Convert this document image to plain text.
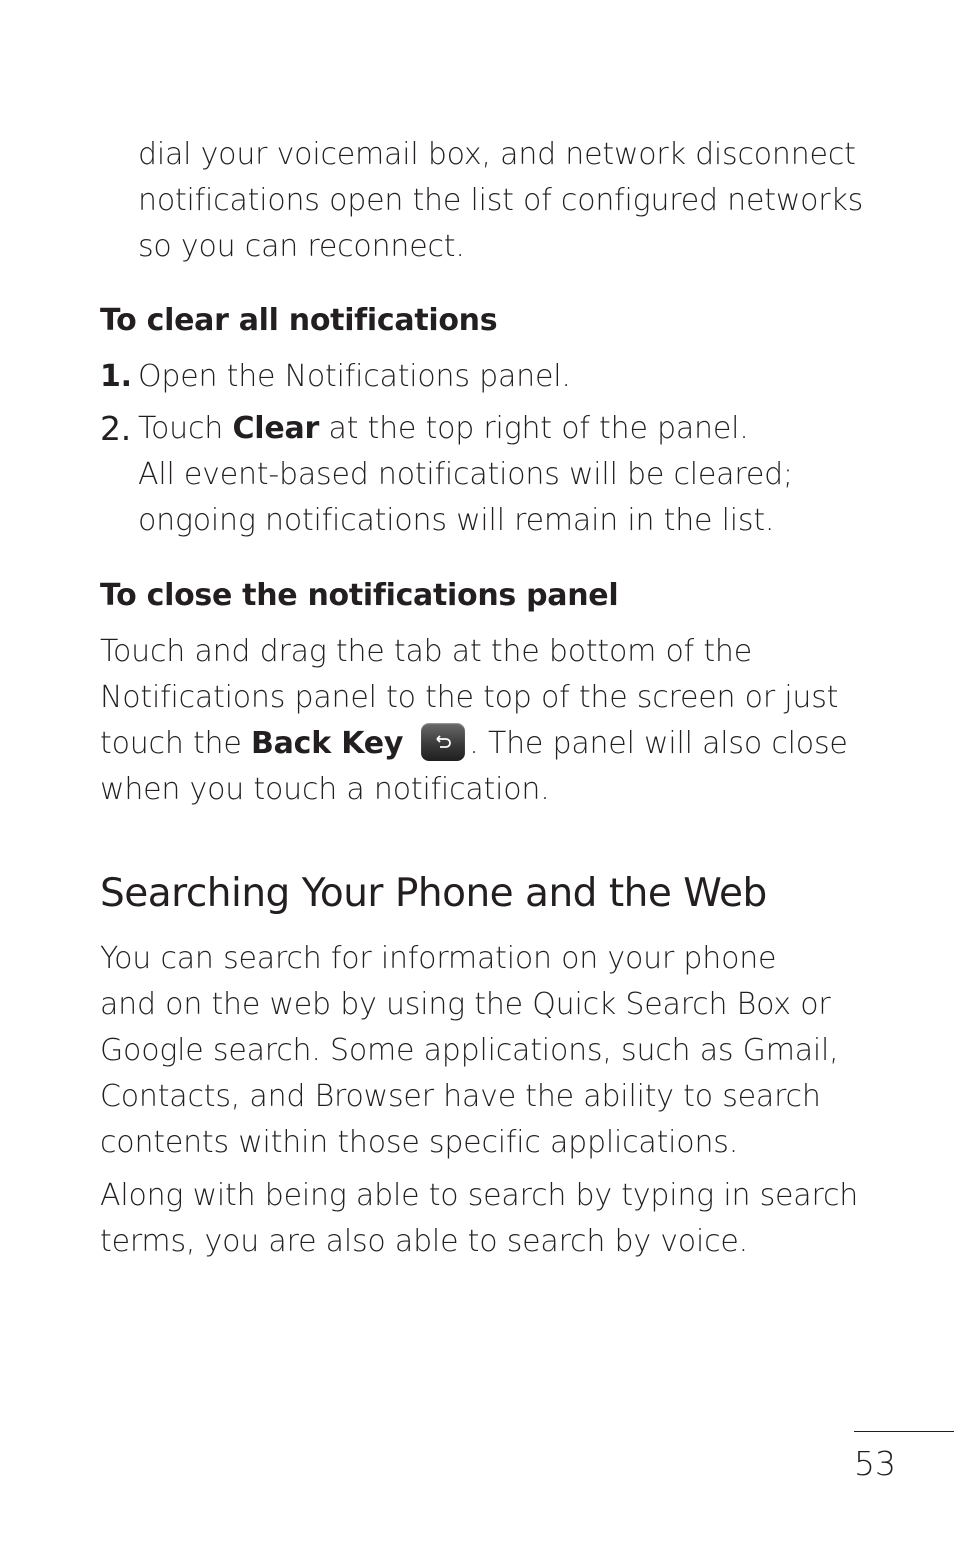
dial your voicemail box, and network disconnect
notifications open the list of configured networks
so you can reconnect.
To clear all notifications
1. Open the Notifications panel.
2. Touch Clear at the top right of the panel.
All event-based notifications will be cleared;
ongoing notifications will remain in the list.
To close the notifications panel
Touch and drag the tab at the bottom of the
Notifications panel to the top of the screen or just
touch the Back Key . The panel will also close
when you touch a notification.
Searching Your Phone and the Web
You can search for information on your phone
and on the web by using the Quick Search Box or
Google search. Some applications, such as Gmail,
Contacts, and Browser have the ability to search
contents within those specific applications.
Along with being able to search by typing in search
terms, you are also able to search by voice.
53
